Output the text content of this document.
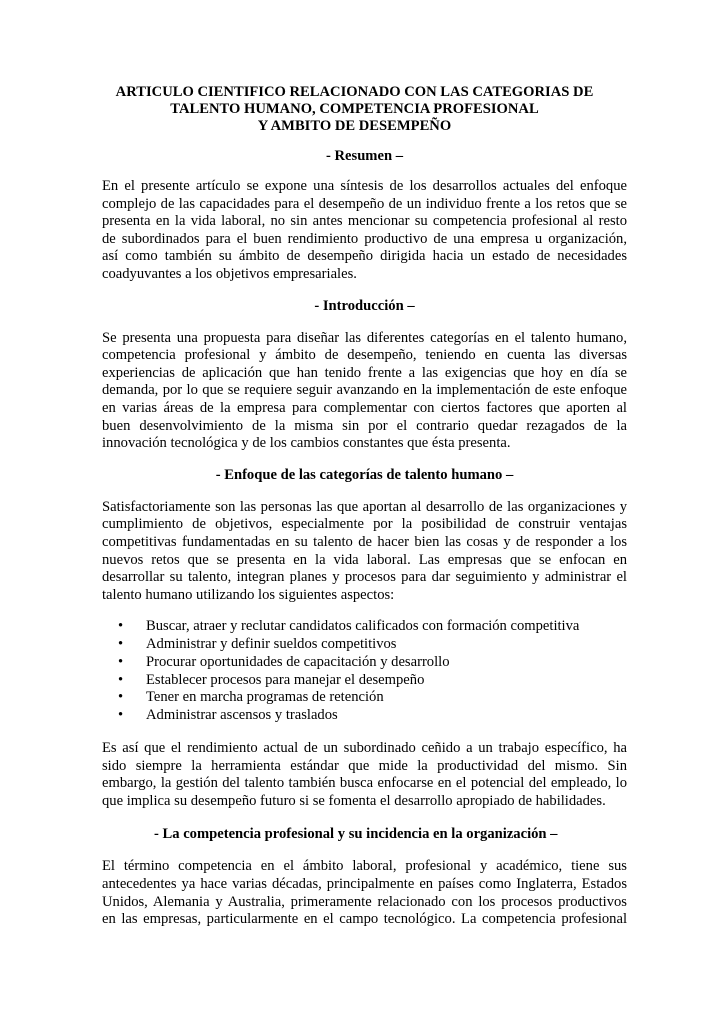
ARTICULO CIENTIFICO RELACIONADO CON LAS CATEGORIAS DE
TALENTO HUMANO, COMPETENCIA PROFESIONAL
Y AMBITO DE DESEMPEÑO
- Resumen –
En el presente artículo se expone una síntesis de los desarrollos actuales del enfoque
complejo de las capacidades para el desempeño de un individuo frente a los retos que se
presenta en la vida laboral, no sin antes mencionar su competencia profesional al resto
de subordinados para el buen rendimiento productivo de una empresa u organización,
así como también su ámbito de desempeño dirigida hacia un estado de necesidades
coadyuvantes a los objetivos empresariales.
- Introducción –
Se presenta una propuesta para diseñar las diferentes categorías en el talento humano,
competencia profesional y ámbito de desempeño, teniendo en cuenta las diversas
experiencias de aplicación que han tenido frente a las exigencias que hoy en día se
demanda, por lo que se requiere seguir avanzando en la implementación de este enfoque
en varias áreas de la empresa para complementar con ciertos factores que aporten al
buen desenvolvimiento de la misma sin por el contrario quedar rezagados de la
innovación tecnológica y de los cambios constantes que ésta presenta.
- Enfoque de las categorías de talento humano –
Satisfactoriamente son las personas las que aportan al desarrollo de las organizaciones y
cumplimiento de objetivos, especialmente por la posibilidad de construir ventajas
competitivas fundamentadas en su talento de hacer bien las cosas y de responder a los
nuevos retos que se presenta en la vida laboral. Las empresas que se enfocan en
desarrollar su talento, integran planes y procesos para dar seguimiento y administrar el
talento humano utilizando los siguientes aspectos:
• Buscar, atraer y reclutar candidatos calificados con formación competitiva
• Administrar y definir sueldos competitivos
• Procurar oportunidades de capacitación y desarrollo
• Establecer procesos para manejar el desempeño
• Tener en marcha programas de retención
• Administrar ascensos y traslados
Es así que el rendimiento actual de un subordinado ceñido a un trabajo específico, ha
sido siempre la herramienta estándar que mide la productividad del mismo. Sin
embargo, la gestión del talento también busca enfocarse en el potencial del empleado, lo
que implica su desempeño futuro si se fomenta el desarrollo apropiado de habilidades.
- La competencia profesional y su incidencia en la organización –
El término competencia en el ámbito laboral, profesional y académico, tiene sus
antecedentes ya hace varias décadas, principalmente en países como Inglaterra, Estados
Unidos, Alemania y Australia, primeramente relacionado con los procesos productivos
en las empresas, particularmente en el campo tecnológico. La competencia profesional
